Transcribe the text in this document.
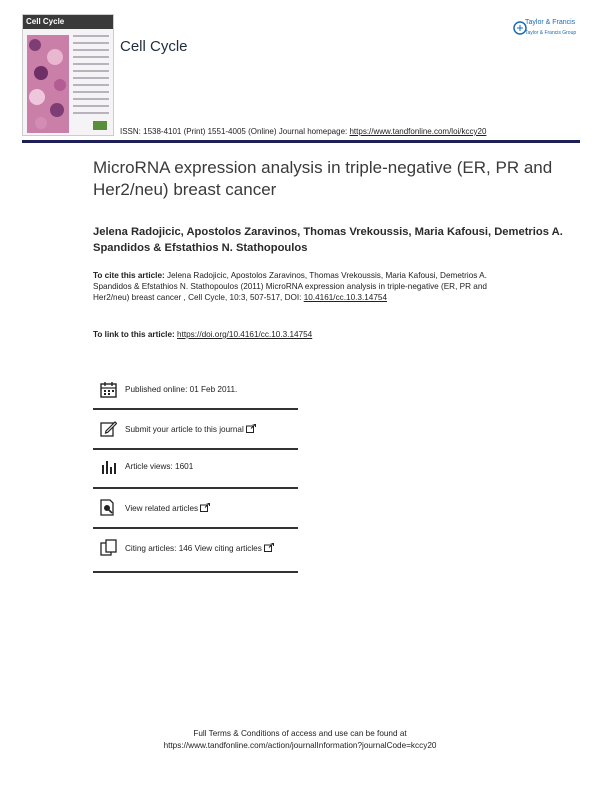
Cell Cycle
Cell Cycle
Taylor & Francis
Taylor & Francis Group
ISSN: 1538-4101 (Print) 1551-4005 (Online) Journal homepage: https://www.tandfonline.com/loi/kccy20
MicroRNA expression analysis in triple-negative (ER, PR and Her2/neu) breast cancer
Jelena Radojicic, Apostolos Zaravinos, Thomas Vrekoussis, Maria Kafousi, Demetrios A. Spandidos & Efstathios N. Stathopoulos
To cite this article: Jelena Radojicic, Apostolos Zaravinos, Thomas Vrekoussis, Maria Kafousi, Demetrios A. Spandidos & Efstathios N. Stathopoulos (2011) MicroRNA expression analysis in triple-negative (ER, PR and Her2/neu) breast cancer , Cell Cycle, 10:3, 507-517, DOI: 10.4161/cc.10.3.14754
To link to this article: https://doi.org/10.4161/cc.10.3.14754
Published online: 01 Feb 2011.
Submit your article to this journal
Article views: 1601
View related articles
Citing articles: 146 View citing articles
Full Terms & Conditions of access and use can be found at
https://www.tandfonline.com/action/journalInformation?journalCode=kccy20
